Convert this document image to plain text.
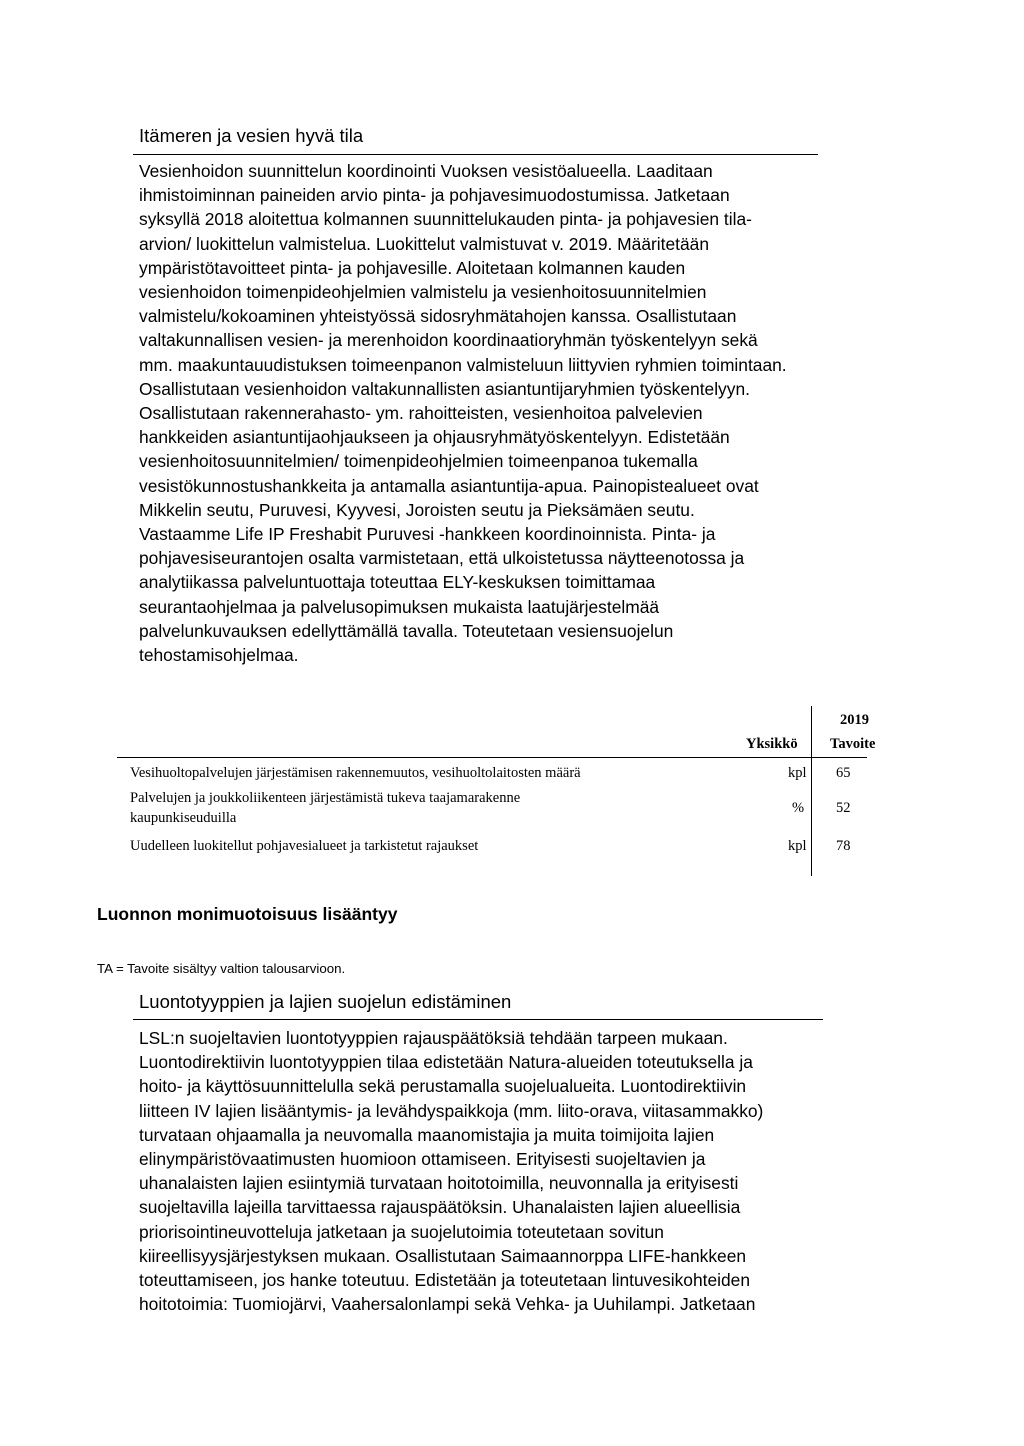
Itämeren ja vesien hyvä tila
Vesienhoidon suunnittelun koordinointi Vuoksen vesistöalueella. Laaditaan
ihmistoiminnan paineiden arvio pinta- ja pohjavesimuodostumissa. Jatketaan
syksyllä 2018 aloitettua kolmannen suunnittelukauden pinta- ja pohjavesien tila-
arvion/ luokittelun valmistelua. Luokittelut valmistuvat v. 2019. Määritetään
ympäristötavoitteet pinta- ja pohjavesille. Aloitetaan kolmannen kauden
vesienhoidon toimenpideohjelmien valmistelu ja vesienhoitosuunnitelmien
valmistelu/kokoaminen yhteistyössä sidosryhmätahojen kanssa. Osallistutaan
valtakunnallisen vesien- ja merenhoidon koordinaatioryhmän työskentelyyn sekä
mm. maakuntauudistuksen toimeenpanon valmisteluun liittyvien ryhmien toimintaan.
Osallistutaan vesienhoidon valtakunnallisten asiantuntijaryhmien työskentelyyn.
Osallistutaan rakennerahasto- ym. rahoitteisten, vesienhoitoa palvelevien
hankkeiden asiantuntijaohjaukseen ja ohjausryhmätyöskentelyyn. Edistetään
vesienhoitosuunnitelmien/ toimenpideohjelmien toimeenpanoa tukemalla
vesistökunnostushankkeita ja antamalla asiantuntija-apua. Painopistealueet ovat
Mikkelin seutu, Puruvesi, Kyyvesi, Joroisten seutu ja Pieksämäen seutu.
Vastaamme Life IP Freshabit Puruvesi -hankkeen koordinoinnista. Pinta- ja
pohjavesiseurantojen osalta varmistetaan, että ulkoistetussa näytteenotossa ja
analytiikassa palveluntuottaja toteuttaa ELY-keskuksen toimittamaa
seurantaohjelmaa ja palvelusopimuksen mukaista laatujärjestelmää
palvelunkuvauksen edellyttämällä tavalla. Toteutetaan vesiensuojelun
tehostamisohjelmaa.
2019
Yksikkö Tavoite
Vesihuoltopalvelujen järjestämisen rakennemuutos, vesihuoltolaitosten määrä	kpl 65
Palvelujen ja joukkoliikenteen järjestämistä tukeva taajamarakenne
kaupunkiseuduilla
% 52
Uudelleen luokitellut pohjavesialueet ja tarkistetut rajaukset	kpl 78
Luonnon monimuotoisuus lisääntyy

TA = Tavoite sisältyy valtion talousarvioon.

Luontotyyppien ja lajien suojelun edistäminen
LSL:n suojeltavien luontotyyppien rajauspäätöksiä tehdään tarpeen mukaan.
Luontodirektiivin luontotyyppien tilaa edistetään Natura-alueiden toteutuksella ja
hoito- ja käyttösuunnittelulla sekä perustamalla suojelualueita. Luontodirektiivin
liitteen IV lajien lisääntymis- ja levähdyspaikkoja (mm. liito-orava, viitasammakko)
turvataan ohjaamalla ja neuvomalla maanomistajia ja muita toimijoita lajien
elinympäristövaatimusten huomioon ottamiseen. Erityisesti suojeltavien ja
uhanalaisten lajien esiintymiä turvataan hoitotoimilla, neuvonnalla ja erityisesti
suojeltavilla lajeilla tarvittaessa rajauspäätöksin. Uhanalaisten lajien alueellisia
priorisointineuvotteluja jatketaan ja suojelutoimia toteutetaan sovitun
kiireellisyysjärjestyksen mukaan. Osallistutaan Saimaannorppa LIFE-hankkeen
toteuttamiseen, jos hanke toteutuu. Edistetään ja toteutetaan lintuvesikohteiden
hoitotoimia: Tuomiojärvi, Vaahersalonlampi sekä Vehka- ja Uuhilampi. Jatketaan
